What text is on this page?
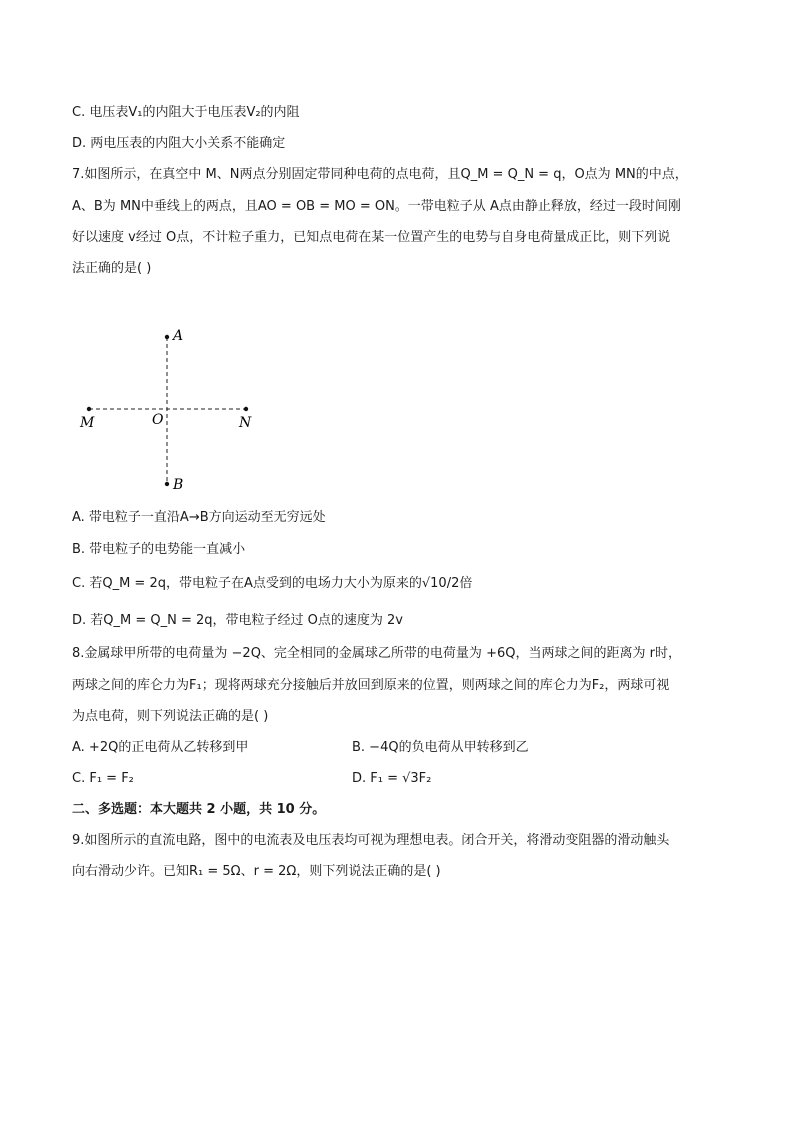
C. 电压表V₁的内阻大于电压表V₂的内阻
D. 两电压表的内阻大小关系不能确定
7.如图所示，在真空中 M、N两点分别固定带同种电荷的点电荷，且Q_M = Q_N = q，O点为 MN的中点，
A、B为 MN中垂线上的两点，且AO = OB = MO = ON。一带电粒子从 A点由静止释放，经过一段时间刚
好以速度 v经过 O点，不计粒子重力，已知点电荷在某一位置产生的电势与自身电荷量成正比，则下列说
法正确的是( )
A
B
M	N
O
A. 带电粒子一直沿A→B方向运动至无穷远处
B. 带电粒子的电势能一直减小
C. 若Q_M = 2q，带电粒子在A点受到的电场力大小为原来的√10/2倍
D. 若Q_M = Q_N = 2q，带电粒子经过 O点的速度为 2v
8.金属球甲所带的电荷量为 −2Q、完全相同的金属球乙所带的电荷量为 +6Q，当两球之间的距离为 r时，
两球之间的库仑力为F₁；现将两球充分接触后并放回到原来的位置，则两球之间的库仑力为F₂，两球可视
为点电荷，则下列说法正确的是( )
A. +2Q的正电荷从乙转移到甲	B. −4Q的负电荷从甲转移到乙
C. F₁ = F₂	D. F₁ = √3F₂
二、多选题：本大题共 2 小题，共 10 分。
9.如图所示的直流电路，图中的电流表及电压表均可视为理想电表。闭合开关，将滑动变阻器的滑动触头
向右滑动少许。已知R₁ = 5Ω、r = 2Ω，则下列说法正确的是( )
